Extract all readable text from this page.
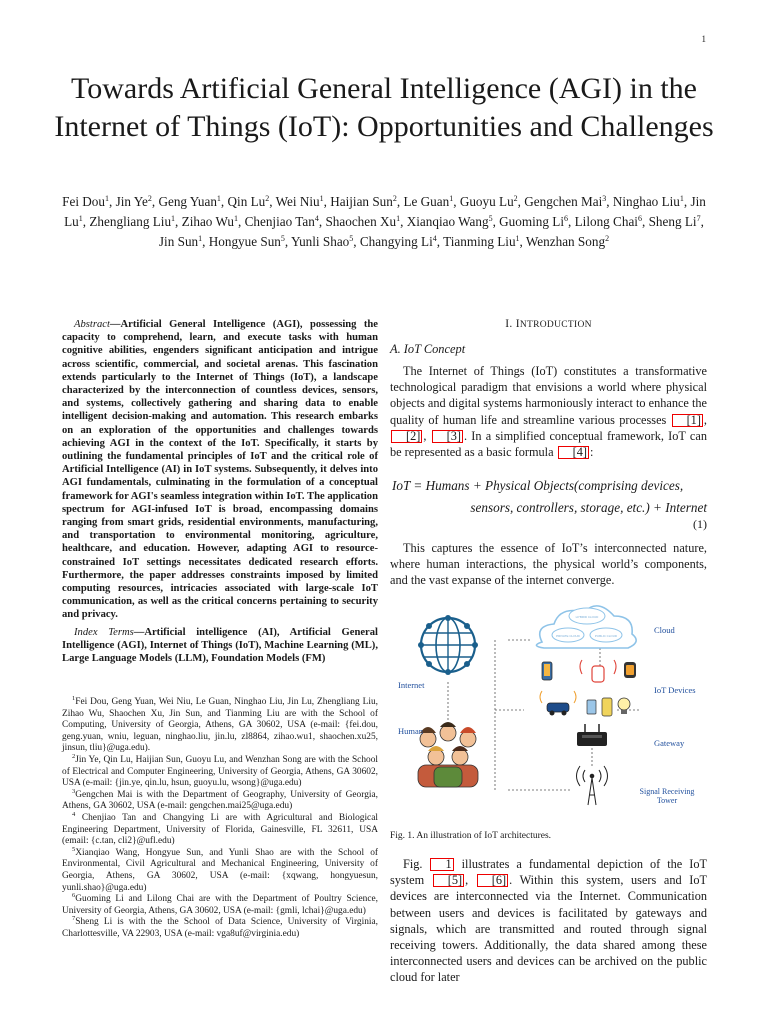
1
Towards Artificial General Intelligence (AGI) in the Internet of Things (IoT): Opportunities and Challenges
Fei Dou$^1$, Jin Ye$^2$, Geng Yuan$^1$, Qin Lu$^2$, Wei Niu$^1$, Haijian Sun$^2$, Le Guan$^1$, Guoyu Lu$^2$, Gengchen Mai$^3$, Ninghao Liu$^1$, Jin Lu$^1$, Zhengliang Liu$^1$, Zihao Wu$^1$, Chenjiao Tan$^4$, Shaochen Xu$^1$, Xianqiao Wang$^5$, Guoming Li$^6$, Lilong Chai$^6$, Sheng Li$^7$, Jin Sun$^1$, Hongyue Sun$^5$, Yunli Shao$^5$, Changying Li$^4$, Tianming Liu$^1$, Wenzhan Song$^2$
Abstract—Artificial General Intelligence (AGI), possessing the capacity to comprehend, learn, and execute tasks with human cognitive abilities, engenders significant anticipation and intrigue across scientific, commercial, and societal arenas. This fascination extends particularly to the Internet of Things (IoT), a landscape characterized by the interconnection of countless devices, sensors, and systems, collectively gathering and sharing data to enable intelligent decision-making and automation. This research embarks on an exploration of the opportunities and challenges towards achieving AGI in the context of the IoT. Specifically, it starts by outlining the fundamental principles of IoT and the critical role of Artificial Intelligence (AI) in IoT systems. Subsequently, it delves into AGI fundamentals, culminating in the formulation of a conceptual framework for AGI's seamless integration within IoT. The application spectrum for AGI-infused IoT is broad, encompassing domains ranging from smart grids, residential environments, manufacturing, and transportation to environmental monitoring, agriculture, healthcare, and education. However, adapting AGI to resource-constrained IoT settings necessitates dedicated research efforts. Furthermore, the paper addresses constraints imposed by limited computing resources, intricacies associated with large-scale IoT communication, as well as the critical concerns pertaining to security and privacy.
Index Terms—Artificial intelligence (AI), Artificial General Intelligence (AGI), Internet of Things (IoT), Machine Learning (ML), Large Language Models (LLM), Foundation Models (FM)

$^1$Fei Dou, Geng Yuan, Wei Niu, Le Guan, Ninghao Liu, Jin Lu, Zhengliang Liu, Zihao Wu, Shaochen Xu, Jin Sun, and Tianming Liu are with the School of Computing, University of Georgia, Athens, GA 30602, USA (e-mail: {fei.dou, geng.yuan, wniu, leguan, ninghao.liu, jin.lu, zl8864, zihao.wu1, shaochen.xu25, jinsun, tliu}@uga.edu).

$^2$Jin Ye, Qin Lu, Haijian Sun, Guoyu Lu, and Wenzhan Song are with the School of Electrical and Computer Engineering, University of Georgia, Athens, GA 30602, USA (e-mail: {jin.ye, qin.lu, hsun, guoyu.lu, wsong}@uga.edu)

$^3$Gengchen Mai is with the Department of Geography, University of Georgia, Athens, GA 30602, USA (e-mail: gengchen.mai25@uga.edu)

$^4$ Chenjiao Tan and Changying Li are with Agricultural and Biological Engineering Department, University of Florida, Gainesville, FL 32611, USA (email: {c.tan, cli2}@ufl.edu)

$^5$Xianqiao Wang, Hongyue Sun, and Yunli Shao are with the School of Environmental, Civil Agricultural and Mechanical Engineering, University of Georgia, Athens, GA 30602, USA (e-mail: {xqwang, hongyuesun, yunli.shao}@uga.edu)

$^6$Guoming Li and Lilong Chai are with the Department of Poultry Science, University of Georgia, Athens, GA 30602, USA (e-mail: {gmli, lchai}@uga.edu)

$^7$Sheng Li is with the the School of Data Science, University of Virginia, Charlottesville, VA 22903, USA (e-mail: vga8uf@virginia.edu)

I. INTRODUCTION
A. IoT Concept

The Internet of Things (IoT) constitutes a transformative technological paradigm that envisions a world where physical objects and digital systems harmoniously interact to enhance the quality of human life and streamline various processes [1] , [2] , [3] . In a simplified conceptual framework, IoT can be represented as a basic formula [4] :

IoT = Humans + Physical Objects(comprising devices,
sensors, controllers, storage, etc.) + Internet
(1)

This captures the essence of IoT’s interconnected nature, where human interactions, the physical world’s components, and the vast expanse of the internet converge.

Internet
Human
HYBRID CLOUD
PRIVATE CLOUD	PUBLIC CLOUD
Cloud
IoT Devices
Gateway
Signal Receiving
Tower
Fig. 1. An illustration of IoT architectures.

Fig. 1 illustrates a fundamental depiction of the IoT system [5] , [6] . Within this system, users and IoT devices are interconnected via the Internet. Communication between users and devices is facilitated by gateways and signals, which are transmitted and routed through signal receiving towers. Additionally, the data shared among these interconnected users and devices can be archived on the public cloud for later
